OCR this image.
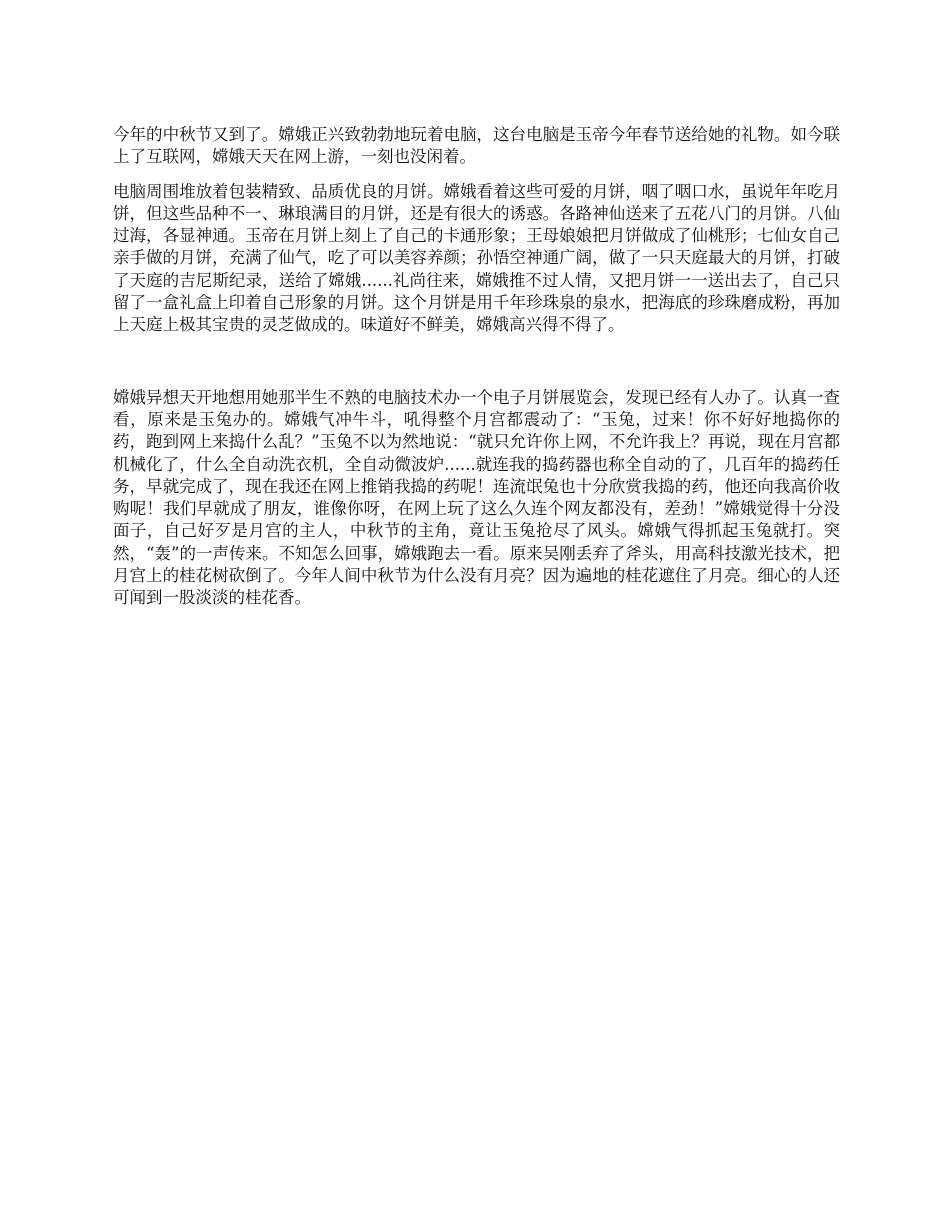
今年的中秋节又到了。嫦娥正兴致勃勃地玩着电脑，这台电脑是玉帝今年春节送给她的礼物。如今联上了互联网，嫦娥天天在网上游，一刻也没闲着。

电脑周围堆放着包装精致、品质优良的月饼。嫦娥看着这些可爱的月饼，咽了咽口水，虽说年年吃月饼，但这些品种不一、琳琅满目的月饼，还是有很大的诱惑。各路神仙送来了五花八门的月饼。八仙过海，各显神通。玉帝在月饼上刻上了自己的卡通形象；王母娘娘把月饼做成了仙桃形；七仙女自己亲手做的月饼，充满了仙气，吃了可以美容养颜；孙悟空神通广阔，做了一只天庭最大的月饼，打破了天庭的吉尼斯纪录，送给了嫦娥......礼尚往来，嫦娥推不过人情，又把月饼一一送出去了，自己只留了一盒礼盒上印着自己形象的月饼。这个月饼是用千年珍珠泉的泉水，把海底的珍珠磨成粉，再加上天庭上极其宝贵的灵芝做成的。味道好不鲜美，嫦娥高兴得不得了。

嫦娥异想天开地想用她那半生不熟的电脑技术办一个电子月饼展览会，发现已经有人办了。认真一查看，原来是玉兔办的。嫦娥气冲牛斗，吼得整个月宫都震动了：“玉兔，过来！你不好好地捣你的药，跑到网上来捣什么乱？”玉兔不以为然地说：“就只允许你上网，不允许我上？再说，现在月宫都机械化了，什么全自动洗衣机，全自动微波炉......就连我的捣药器也称全自动的了，几百年的捣药任务，早就完成了，现在我还在网上推销我捣的药呢！连流氓兔也十分欣赏我捣的药，他还向我高价收购呢！我们早就成了朋友，谁像你呀，在网上玩了这么久连个网友都没有，差劲！”嫦娥觉得十分没面子，自己好歹是月宫的主人，中秋节的主角，竟让玉兔抢尽了风头。嫦娥气得抓起玉兔就打。突然，“轰”的一声传来。不知怎么回事，嫦娥跑去一看。原来吴刚丢弃了斧头，用高科技激光技术，把月宫上的桂花树砍倒了。今年人间中秋节为什么没有月亮？因为遍地的桂花遮住了月亮。细心的人还可闻到一股淡淡的桂花香。
